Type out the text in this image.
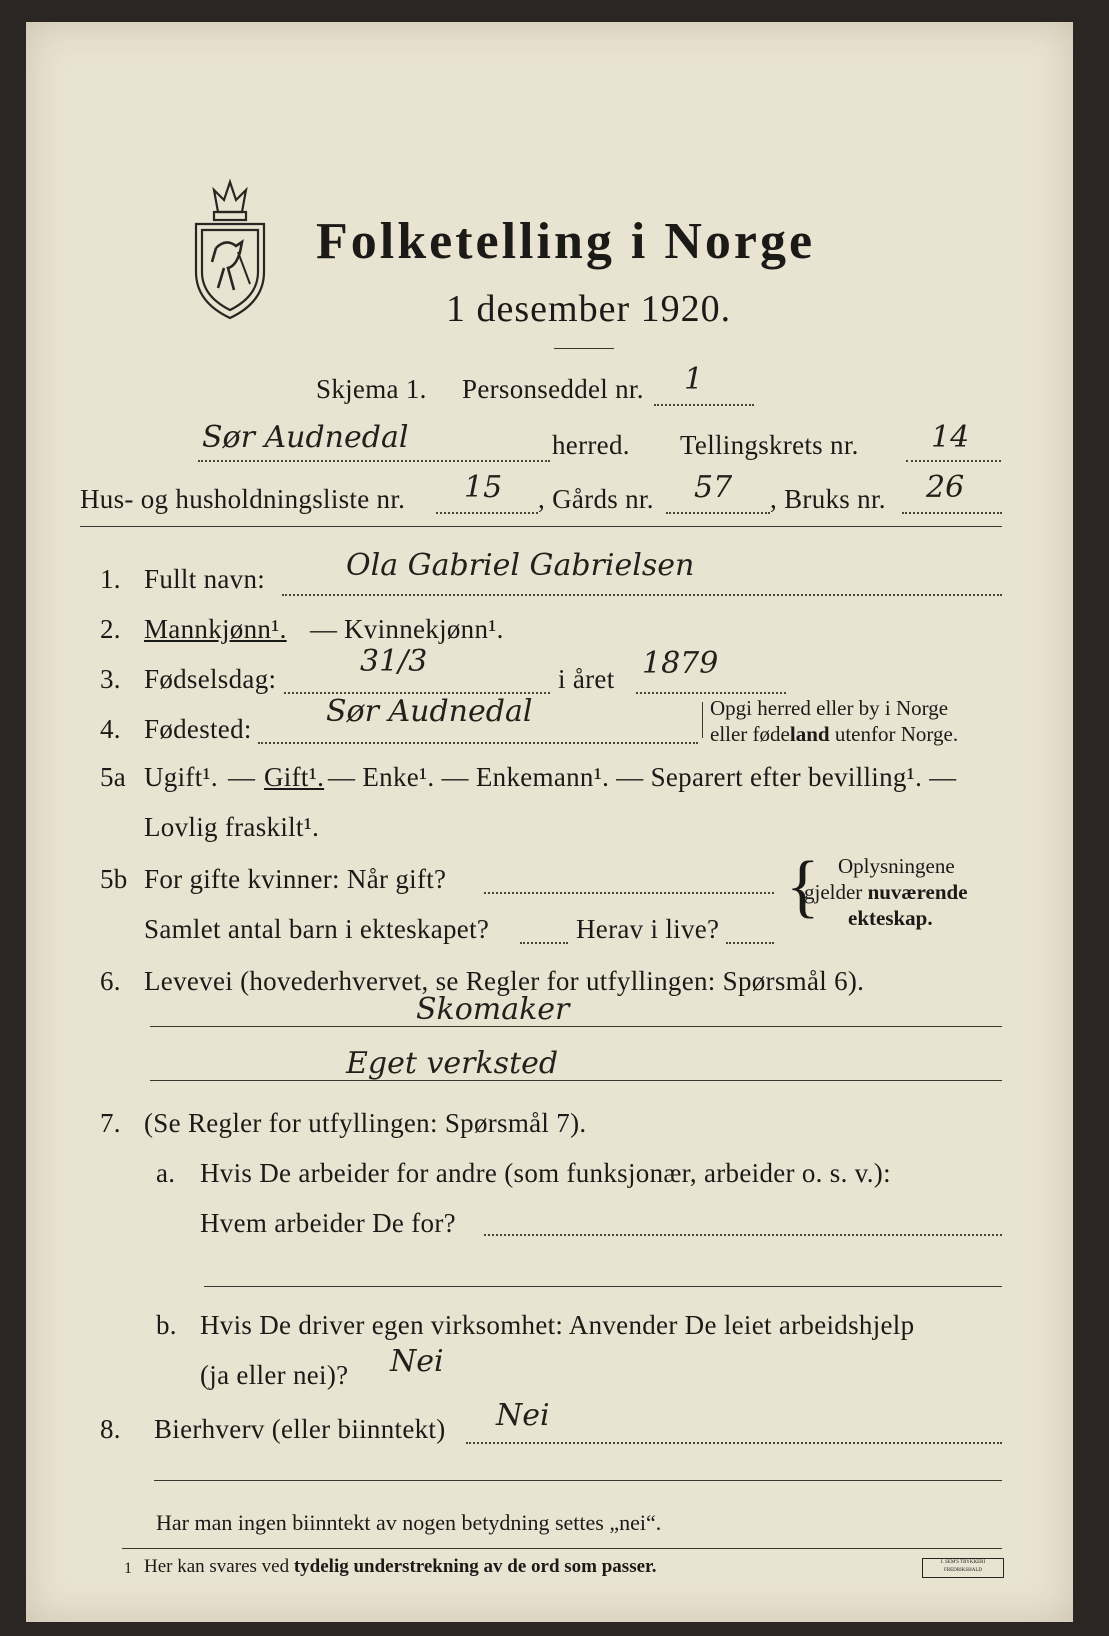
Folketelling i Norge
1 desember 1920.
Skjema 1. Personseddel nr. 1
Sør Audnedal	herred. Tellingskrets nr. 14
Hus- og husholdningsliste nr. 15 , Gårds nr. 57 , Bruks nr. 26
1. Fullt navn:	Ola Gabriel Gabrielsen
2. Mannkjønn¹. — Kvinnekjønn¹.
3. Fødselsdag:	31/3	i året 1879
4. Fødested: Sør Audnedal	Opgi herred eller by i Norge
eller fødeland utenfor Norge.
5a Ugift¹. — Gift¹. — Enke¹. — Enkemann¹. — Separert efter bevilling¹. —
Lovlig fraskilt¹.
5b For gifte kvinner: Når gift?
Samlet antal barn i ekteskapet?	Herav i live?
{ Oplysningene
gjelder nuværende
ekteskap.
6. Levevei (hovederhvervet, se Regler for utfyllingen: Spørsmål 6).
Skomaker
Eget verksted
7. (Se Regler for utfyllingen: Spørsmål 7).
a. Hvis De arbeider for andre (som funksjonær, arbeider o. s. v.):
Hvem arbeider De for?
b. Hvis De driver egen virksomhet: Anvender De leiet arbeidshjelp
(ja eller nei)? Nei
8. Bierhverv (eller biinntekt) Nei
Har man ingen biinntekt av nogen betydning settes „nei“.
1 Her kan svares ved tydelig understrekning av de ord som passer.	I. SEM'S TRYKKERI FREDRIKSHALD
